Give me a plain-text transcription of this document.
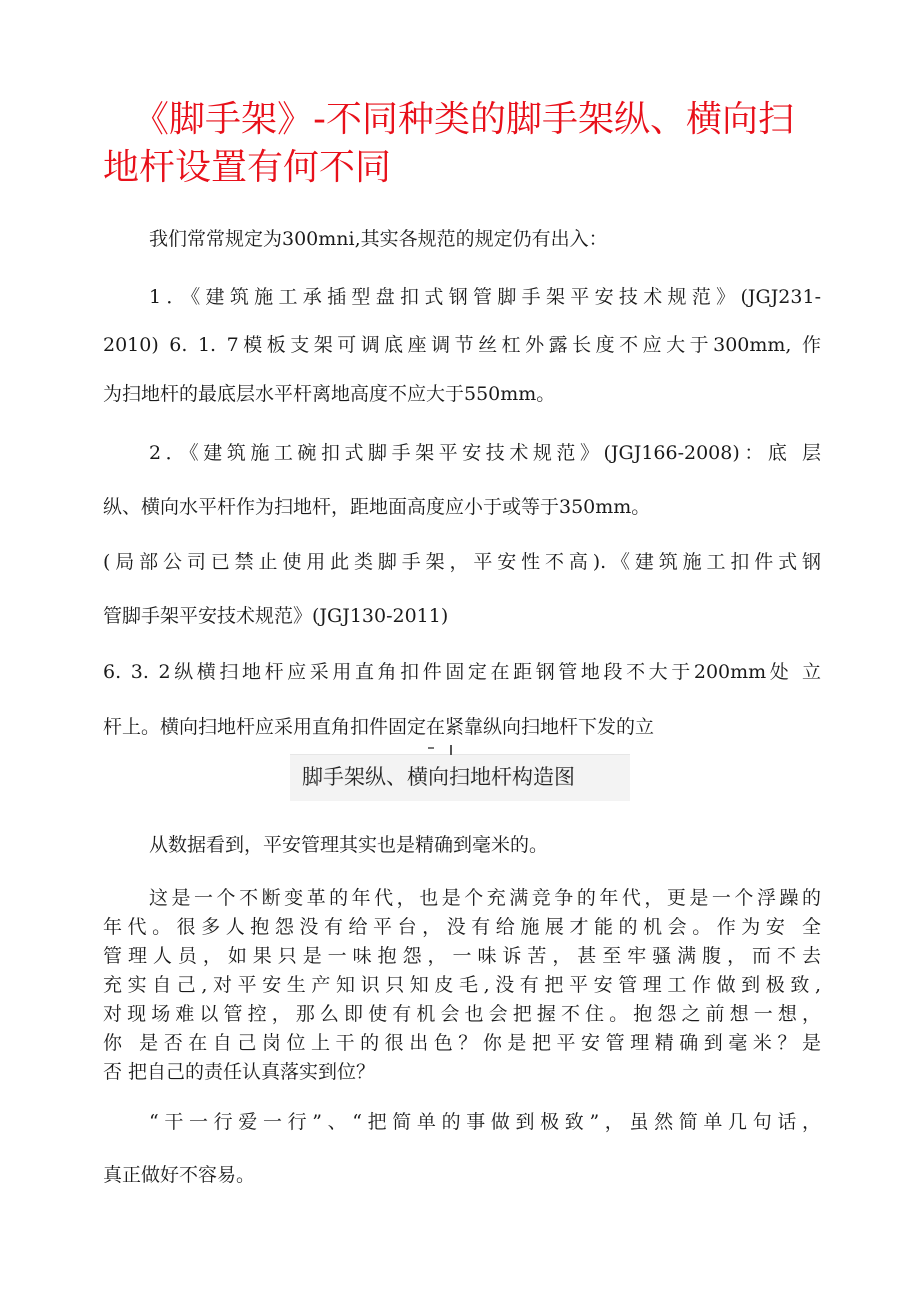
《脚手架》-不同种类的脚手架纵、横向扫地杆设置有何不同

我们常常规定为300mni,其实各规范的规定仍有出入：

1．《建筑施工承插型盘扣式钢管脚手架平安技术规范》(JGJ231-

2010) 6. 1. 7模板支架可调底座调节丝杠外露长度不应大于300mm, 作

为扫地杆的最底层水平杆离地高度不应大于550mm。

2．《建筑施工碗扣式脚手架平安技术规范》(JGJ166-2008)：底 层

纵、横向水平杆作为扫地杆，距地面高度应小于或等于350mm。

(局部公司已禁止使用此类脚手架，平安性不高).《建筑施工扣件式钢

管脚手架平安技术规范》(JGJ130-2011)

6. 3. 2纵横扫地杆应采用直角扣件固定在距钢管地段不大于200mm处 立

杆上。横向扫地杆应采用直角扣件固定在紧靠纵向扫地杆下发的立

脚手架纵、横向扫地杆构造图

从数据看到，平安管理其实也是精确到毫米的。

这是一个不断变革的年代，也是个充满竞争的年代，更是一个浮躁的

年代。很多人抱怨没有给平台，没有给施展才能的机会。作为安 全

管理人员，如果只是一味抱怨，一味诉苦，甚至牢骚满腹，而不去

充实自己,对平安生产知识只知皮毛,没有把平安管理工作做到极致,

对现场难以管控，那么即使有机会也会把握不住。抱怨之前想一想，

你 是否在自己岗位上干的很出色？你是把平安管理精确到毫米？是

否 把自己的责任认真落实到位？

“干一行爱一行”、“把简单的事做到极致”，虽然简单几句话，

真正做好不容易。
